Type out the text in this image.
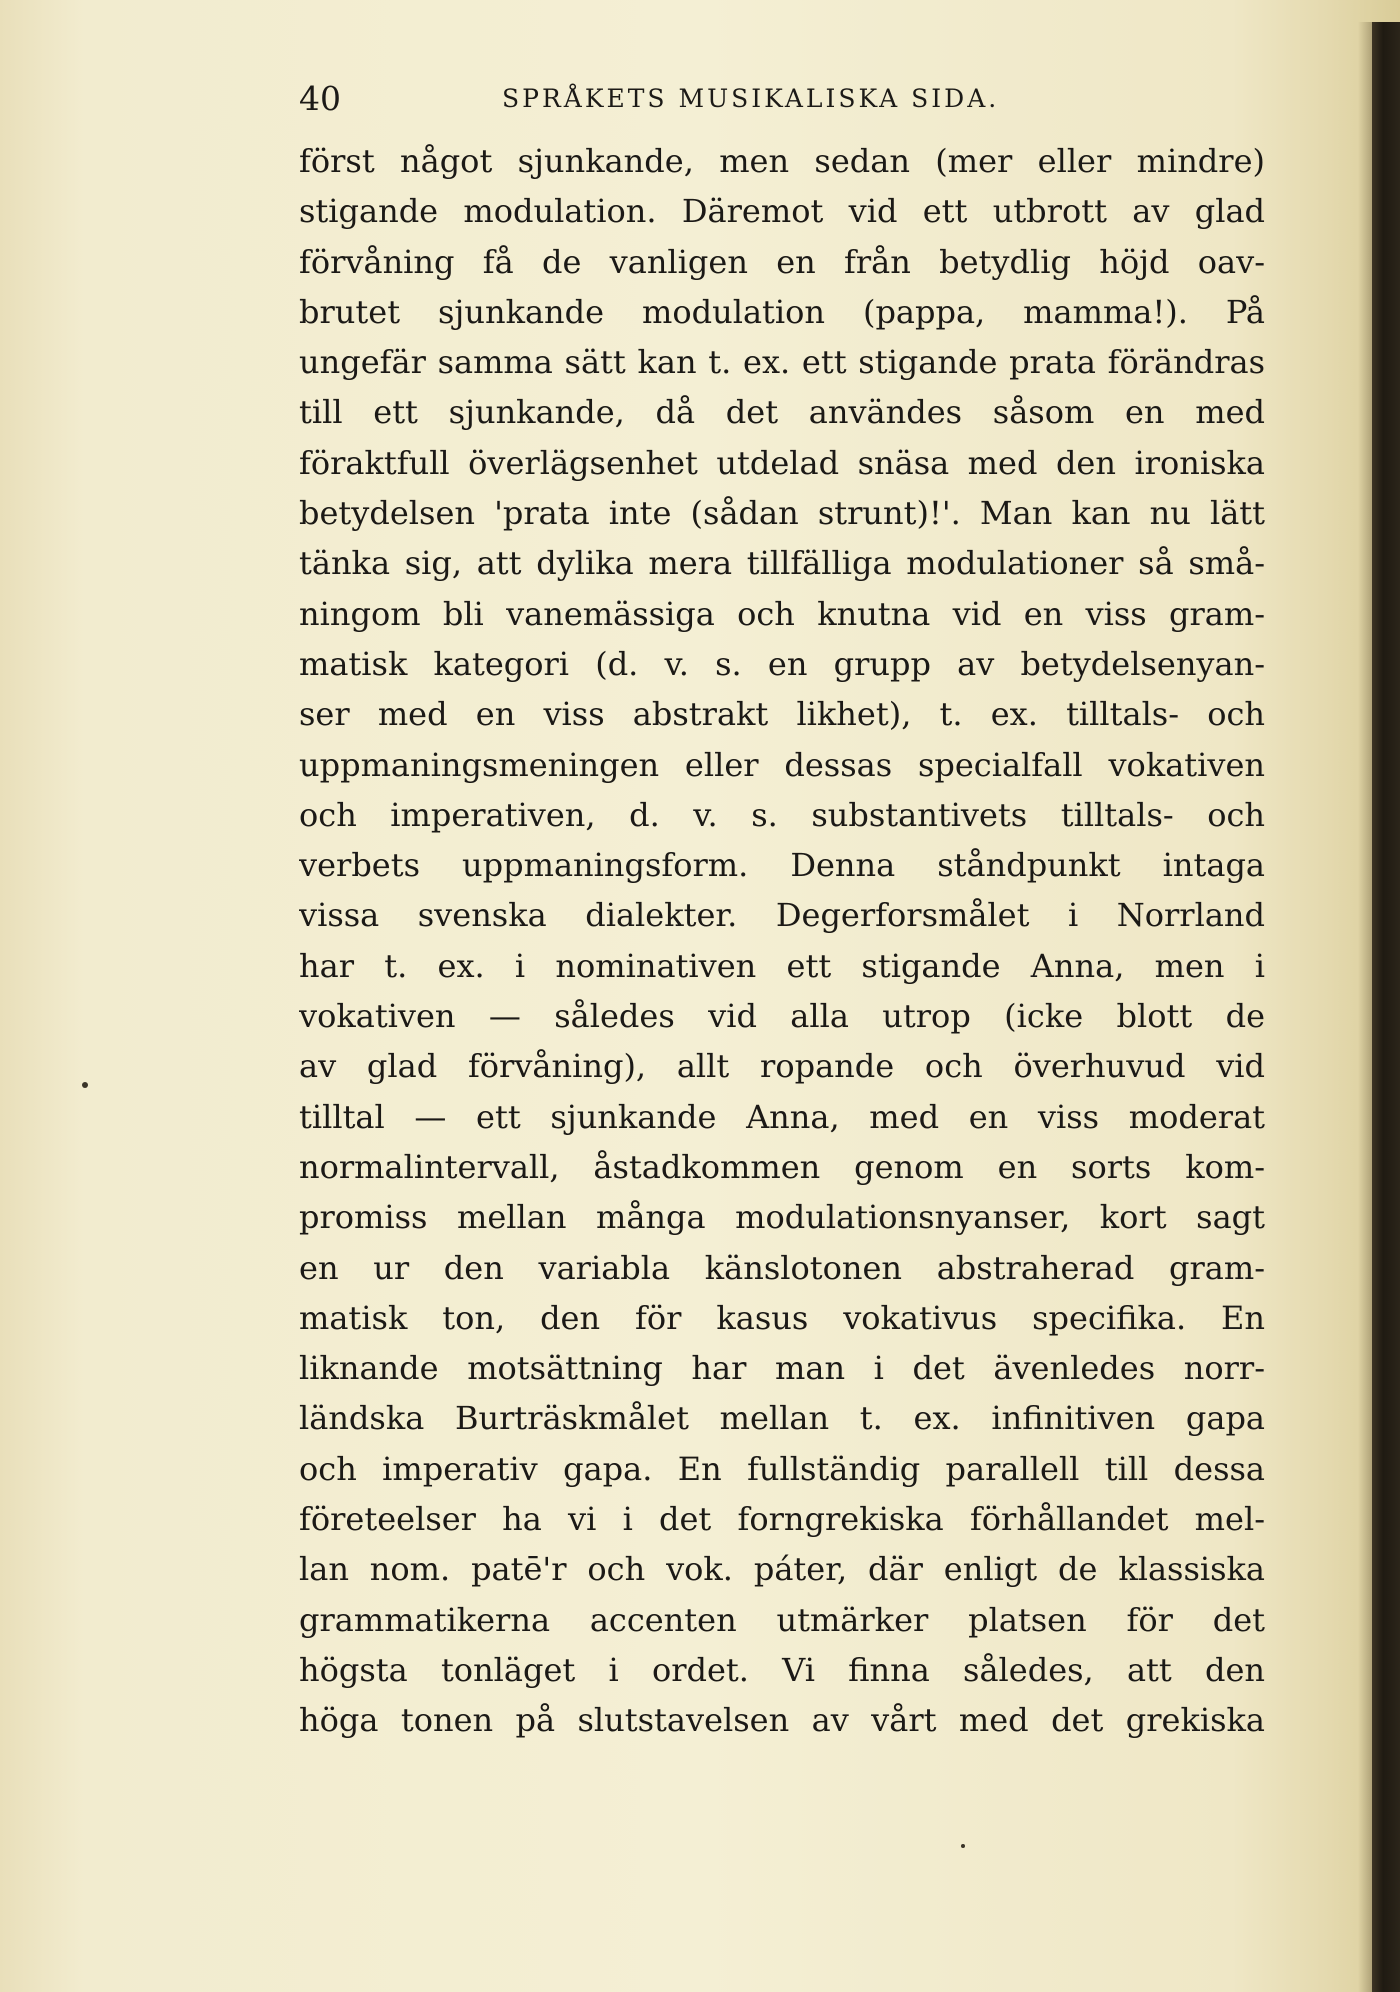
40	SPRÅKETS MUSIKALISKA SIDA.
först något sjunkande, men sedan (mer eller mindre)
stigande modulation. Däremot vid ett utbrott av glad
förvåning få de vanligen en från betydlig höjd oav-
brutet sjunkande modulation (pappa, mamma!). På
ungefär samma sätt kan t. ex. ett stigande prata förändras
till ett sjunkande, då det användes såsom en med
föraktfull överlägsenhet utdelad snäsa med den ironiska
betydelsen 'prata inte (sådan strunt)!'. Man kan nu lätt
tänka sig, att dylika mera tillfälliga modulationer så små-
ningom bli vanemässiga och knutna vid en viss gram-
matisk kategori (d. v. s. en grupp av betydelsenyan-
ser med en viss abstrakt likhet), t. ex. tilltals- och
uppmaningsmeningen eller dessas specialfall vokativen
och imperativen, d. v. s. substantivets tilltals- och
verbets uppmaningsform. Denna ståndpunkt intaga
vissa svenska dialekter. Degerforsmålet i Norrland
har t. ex. i nominativen ett stigande Anna, men i
vokativen — således vid alla utrop (icke blott de
av glad förvåning), allt ropande och överhuvud vid
tilltal — ett sjunkande Anna, med en viss moderat
normalintervall, åstadkommen genom en sorts kom-
promiss mellan många modulationsnyanser, kort sagt
en ur den variabla känslotonen abstraherad gram-
matisk ton, den för kasus vokativus specifika. En
liknande motsättning har man i det ävenledes norr-
ländska Burträskmålet mellan t. ex. infinitiven gapa
och imperativ gapa. En fullständig parallell till dessa
företeelser ha vi i det forngrekiska förhållandet mel-
lan nom. patē'r och vok. páter, där enligt de klassiska
grammatikerna accenten utmärker platsen för det
högsta tonläget i ordet. Vi finna således, att den
höga tonen på slutstavelsen av vårt med det grekiska
